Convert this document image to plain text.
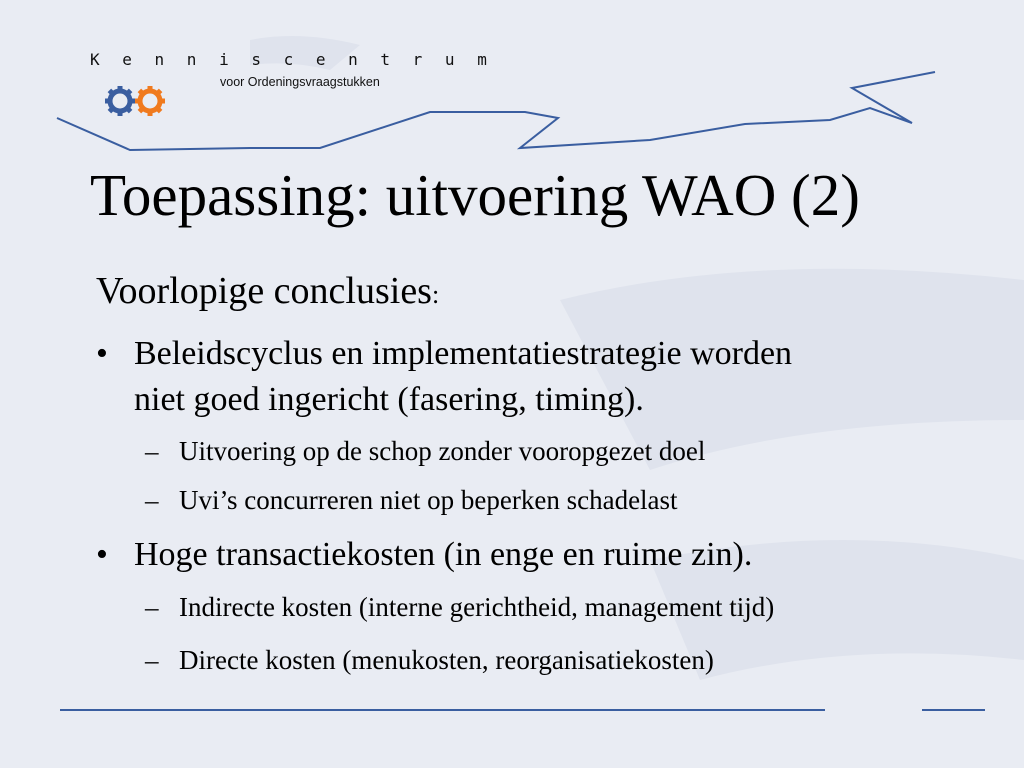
K e n n i s c e n t r u m
voor Ordeningsvraagstukken
Toepassing: uitvoering WAO (2)
Voorlopige conclusies:
• Beleidscyclus en implementatiestrategie worden
niet goed ingericht (fasering, timing).
– Uitvoering op de schop zonder vooropgezet doel
– Uvi’s concurreren niet op beperken schadelast
• Hoge transactiekosten (in enge en ruime zin).
– Indirecte kosten (interne gerichtheid, management tijd)
– Directe kosten (menukosten, reorganisatiekosten)
